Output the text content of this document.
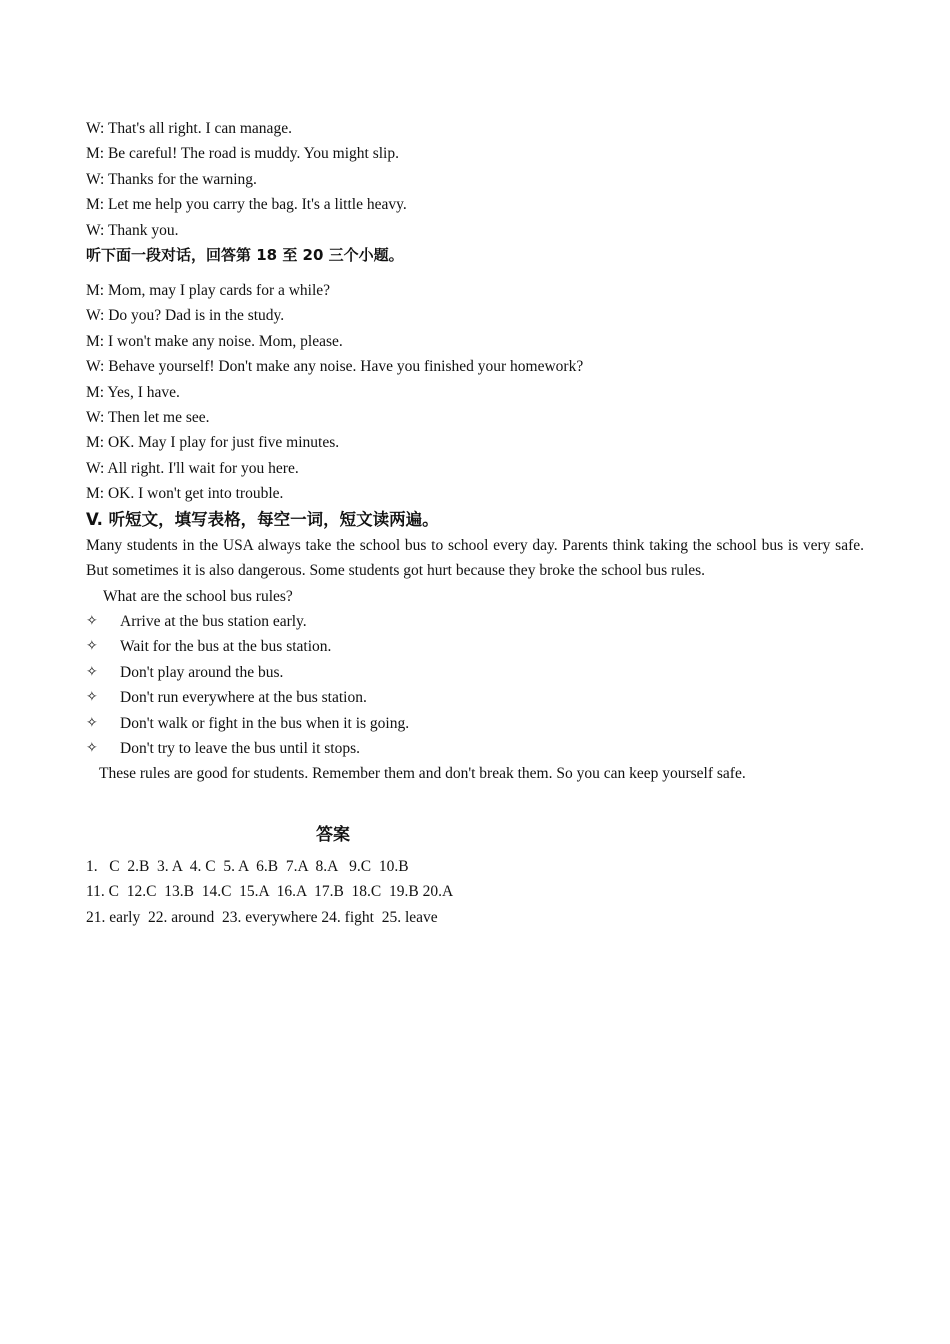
W: That's all right. I can manage.
M: Be careful! The road is muddy. You might slip.
W: Thanks for the warning.
M: Let me help you carry the bag. It's a little heavy.
W: Thank you.
听下面一段对话，回答第 18 至 20 三个小题。
M: Mom, may I play cards for a while?
W: Do you? Dad is in the study.
M: I won't make any noise. Mom, please.
W: Behave yourself! Don't make any noise. Have you finished your homework?
M: Yes, I have.
W: Then let me see.
M: OK. May I play for just five minutes.
W: All right. I'll wait for you here.
M: OK. I won't get into trouble.
V. 听短文，填写表格，每空一词，短文读两遍。
Many students in the USA always take the school bus to school every day. Parents think taking the school bus is very safe. But sometimes it is also dangerous. Some students got hurt because they broke the school bus rules.
What are the school bus rules?
✧	Arrive at the bus station early.
✧	Wait for the bus at the bus station.
✧	Don't play around the bus.
✧	Don't run everywhere at the bus station.
✧	Don't walk or fight in the bus when it is going.
✧	Don't try to leave the bus until it stops.
These rules are good for students. Remember them and don't break them. So you can keep yourself safe.
答案
1.   C  2.B  3. A  4. C  5. A  6.B  7.A  8.A   9.C  10.B
11. C  12.C  13.B  14.C  15.A  16.A  17.B  18.C  19.B 20.A
21. early  22. around  23. everywhere 24. fight  25. leave
